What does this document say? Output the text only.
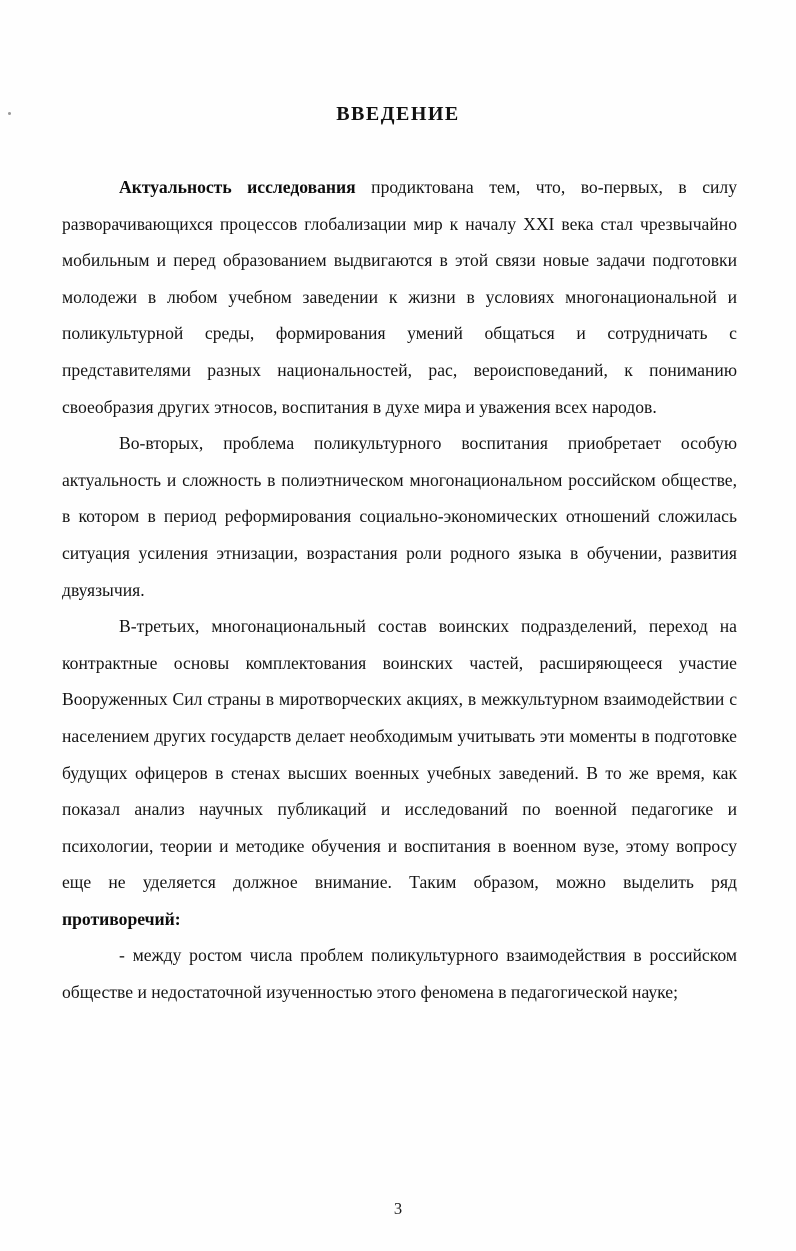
ВВЕДЕНИЕ

Актуальность исследования продиктована тем, что, во-первых, в силу разворачивающихся процессов глобализации мир к началу XXI века стал чрезвычайно мобильным и перед образованием выдвигаются в этой связи новые задачи подготовки молодежи в любом учебном заведении к жизни в условиях многонациональной и поликультурной среды, формирования умений общаться и сотрудничать с представителями разных национальностей, рас, вероисповеданий, к пониманию своеобразия других этносов, воспитания в духе мира и уважения всех народов.

Во-вторых, проблема поликультурного воспитания приобретает особую актуальность и сложность в полиэтническом многонациональном российском обществе, в котором в период реформирования социально-экономических отношений сложилась ситуация усиления этнизации, возрастания роли родного языка в обучении, развития двуязычия.

В-третьих, многонациональный состав воинских подразделений, переход на контрактные основы комплектования воинских частей, расширяющееся участие Вооруженных Сил страны в миротворческих акциях, в межкультурном взаимодействии с населением других государств делает необходимым учитывать эти моменты в подготовке будущих офицеров в стенах высших военных учебных заведений. В то же время, как показал анализ научных публикаций и исследований по военной педагогике и психологии, теории и методике обучения и воспитания в военном вузе, этому вопросу еще не уделяется должное внимание. Таким образом, можно выделить ряд противоречий:

- между ростом числа проблем поликультурного взаимодействия в российском обществе и недостаточной изученностью этого феномена в педагогической науке;

3
